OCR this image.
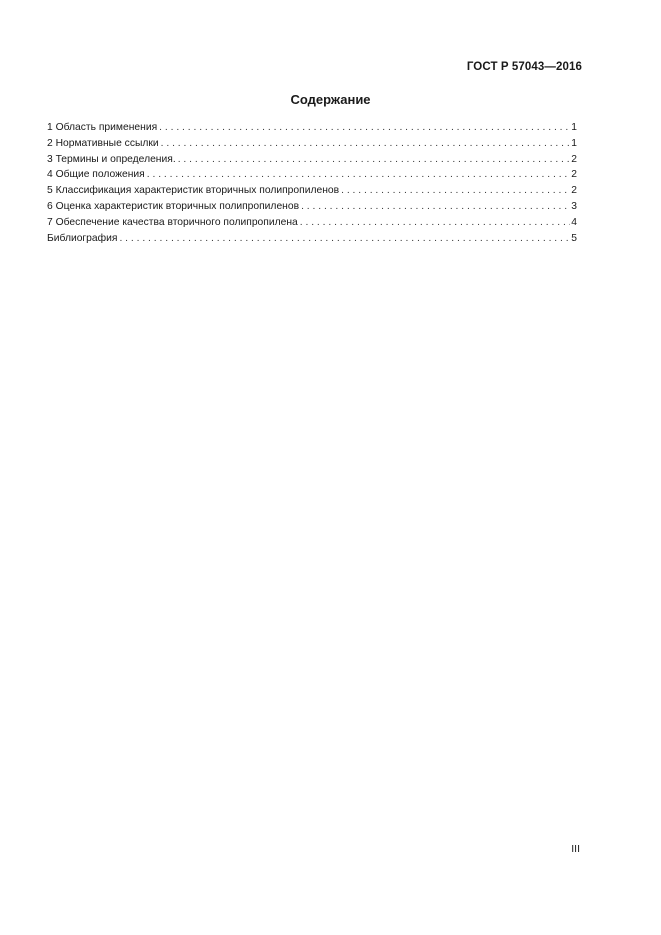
ГОСТ Р 57043—2016
Содержание
1 Область применения . . .	1
2 Нормативные ссылки . . .	1
3 Термины и определения. . . .	2
4 Общие положения . . .	2
5 Классификация характеристик вторичных полипропиленов . . .	2
6 Оценка характеристик вторичных полипропиленов . . .	3
7 Обеспечение качества вторичного полипропилена . . .	4
Библиография . . .	5
III
